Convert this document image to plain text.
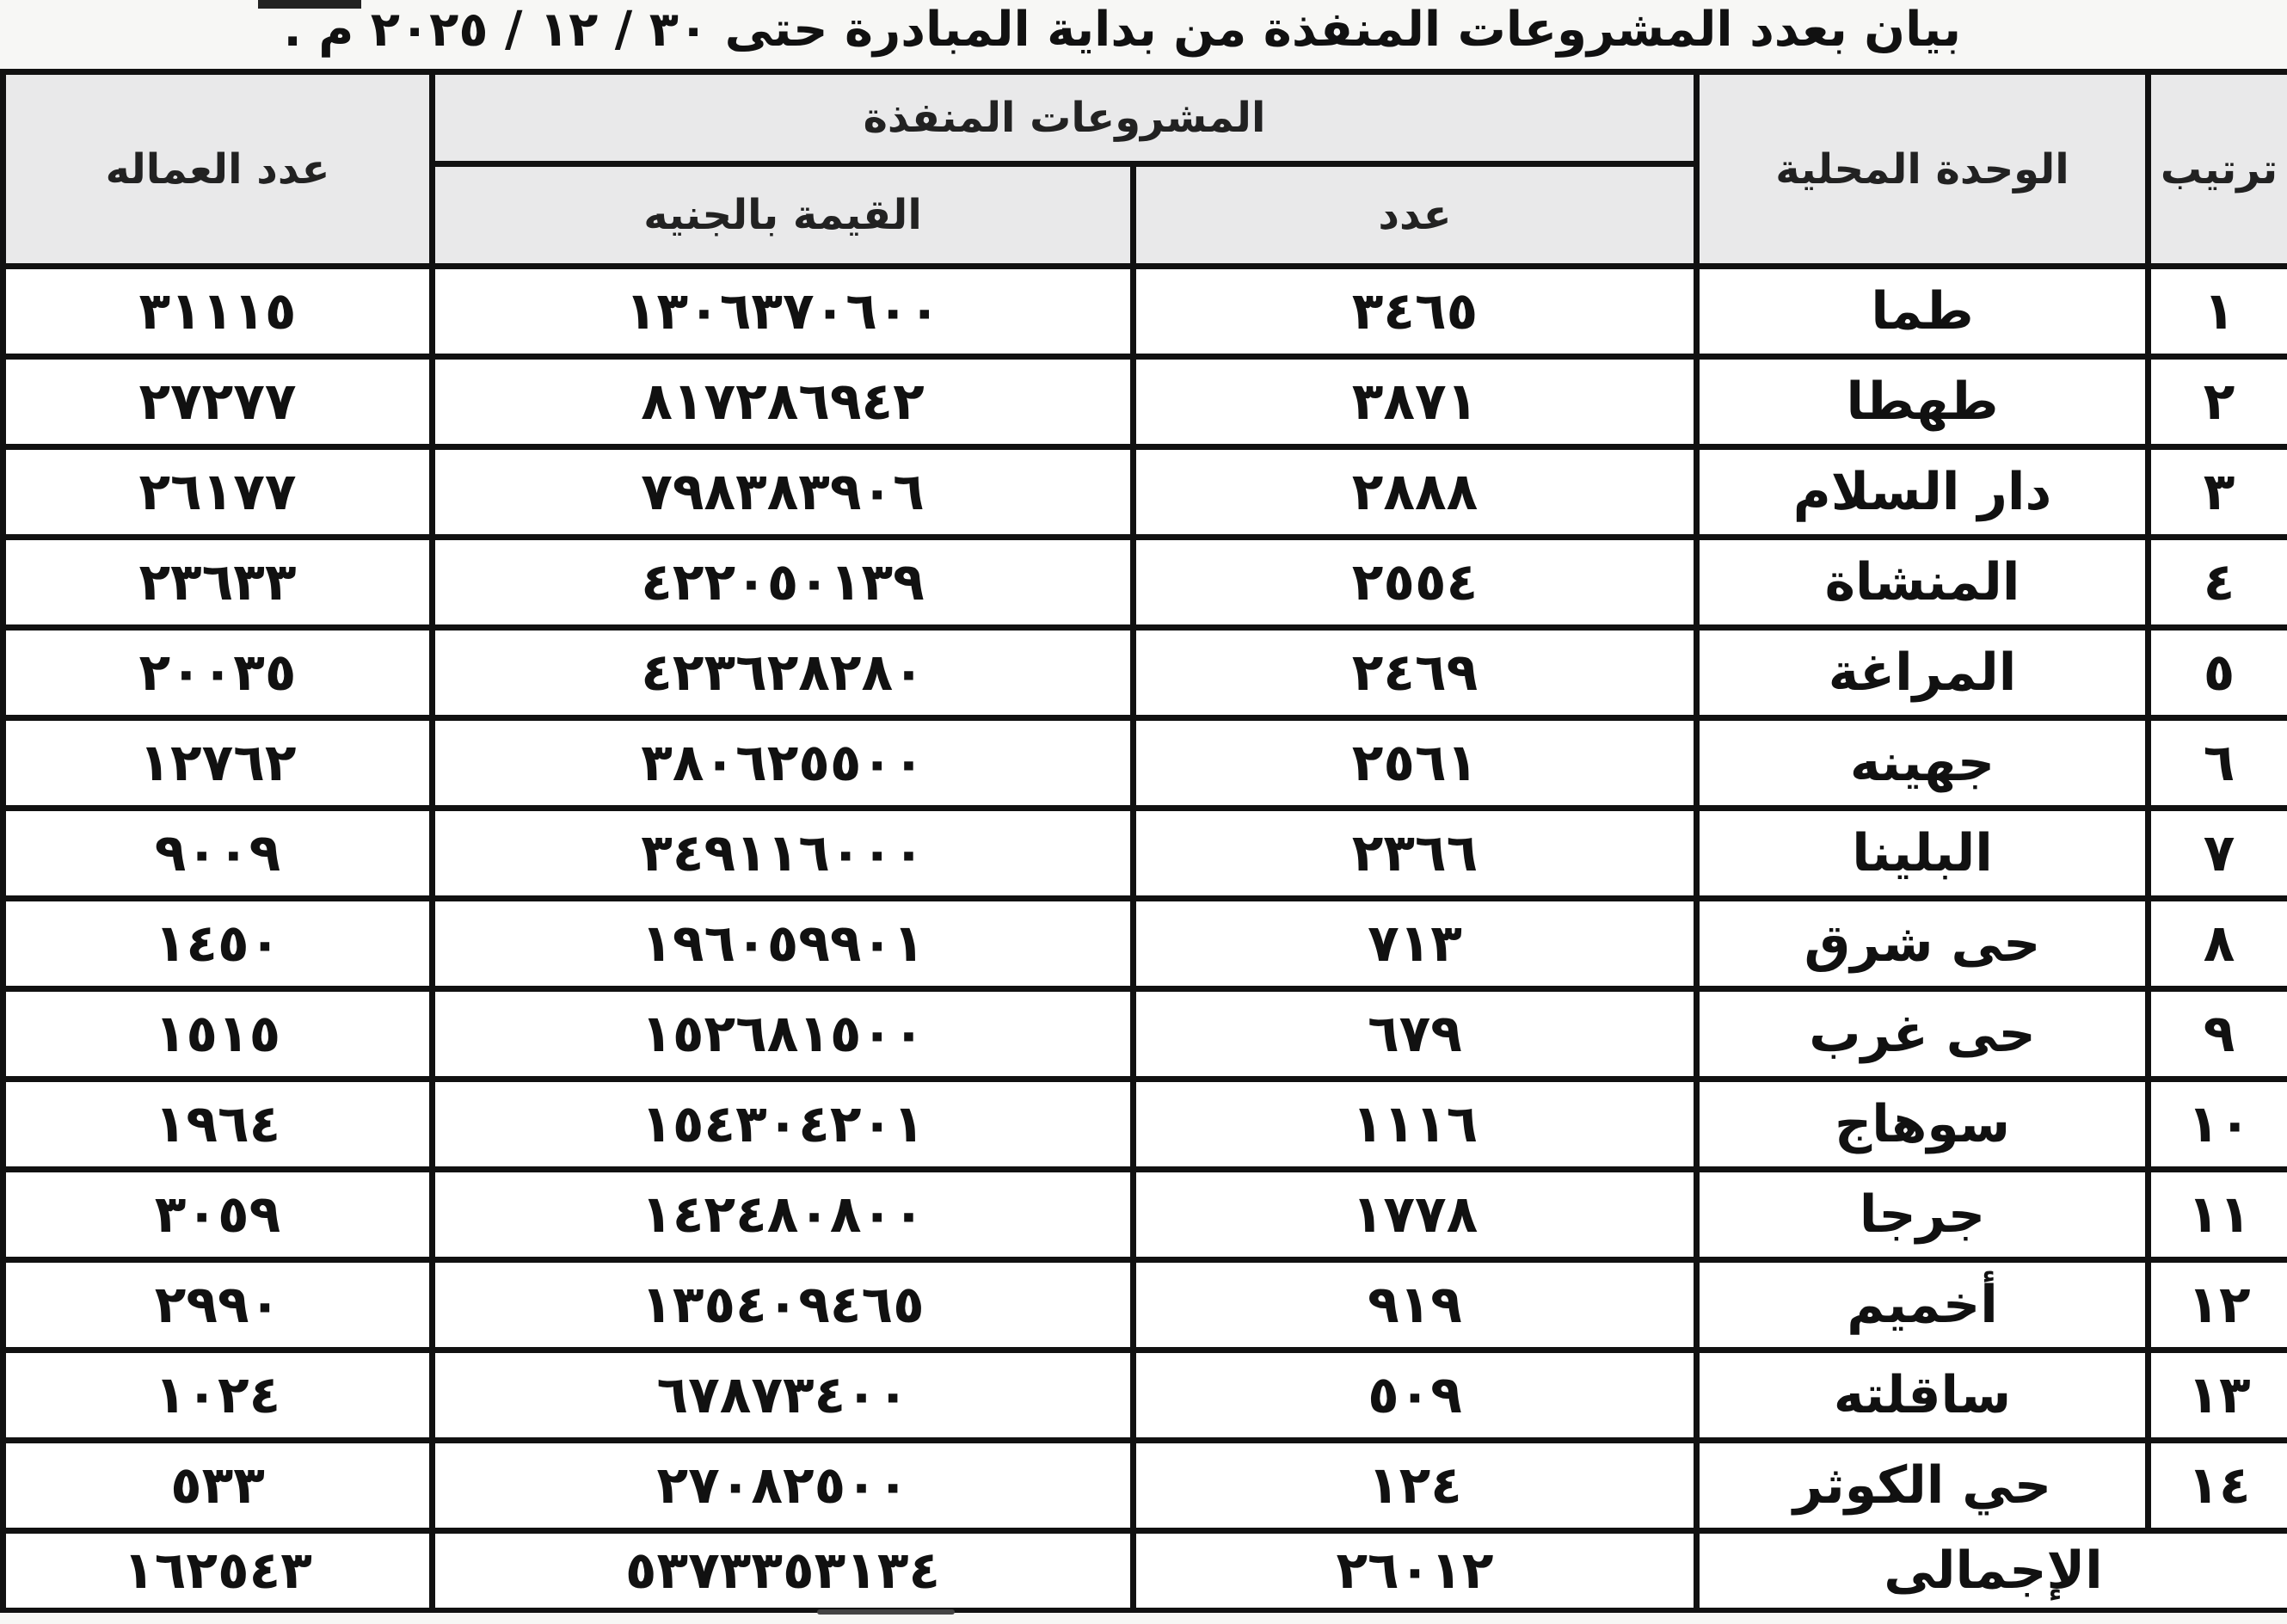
بيان بعدد المشروعات المنفذة من بداية المبادرة حتى ٣٠ / ١٢ / ٢٠٢٥ م .
ترتيب	الوحدة المحلية	المشروعات المنفذة		عدد العماله
		عدد	القيمة بالجنيه	
١	طما	٣٤٦٥	١٣٠٦٣٧٠٦٠٠	٣١١١٥
٢	طهطا	٣٨٧١	٨١٧٢٨٦٩٤٢	٢٧٢٧٧
٣	دار السلام	٢٨٨٨	٧٩٨٣٨٣٩٠٦	٢٦١٧٧
٤	المنشاة	٢٥٥٤	٤٢٢٠٥٠١٣٩	٢٣٦٣٣
٥	المراغة	٢٤٦٩	٤٢٣٦٢٨٢٨٠	٢٠٠٣٥
٦	جهينه	٢٥٦١	٣٨٠٦٢٥٥٠٠	١٢٧٦٢
٧	البلينا	٢٣٦٦	٣٤٩١١٦٠٠٠	٩٠٠٩
٨	حى شرق	٧١٣	١٩٦٠٥٩٩٠١	١٤٥٠
٩	حى غرب	٦٧٩	١٥٢٦٨١٥٠٠	١٥١٥
١٠	سوهاج	١١١٦	١٥٤٣٠٤٢٠١	١٩٦٤
١١	جرجا	١٧٧٨	١٤٢٤٨٠٨٠٠	٣٠٥٩
١٢	أخميم	٩١٩	١٣٥٤٠٩٤٦٥	٢٩٩٠
١٣	ساقلته	٥٠٩	٦٧٨٧٣٤٠٠	١٠٢٤
١٤	حي الكوثر	١٢٤	٢٧٠٨٢٥٠٠	٥٣٣
الإجمالى		٢٦٠١٢	٥٣٧٣٣٥٣١٣٤	١٦٢٥٤٣
